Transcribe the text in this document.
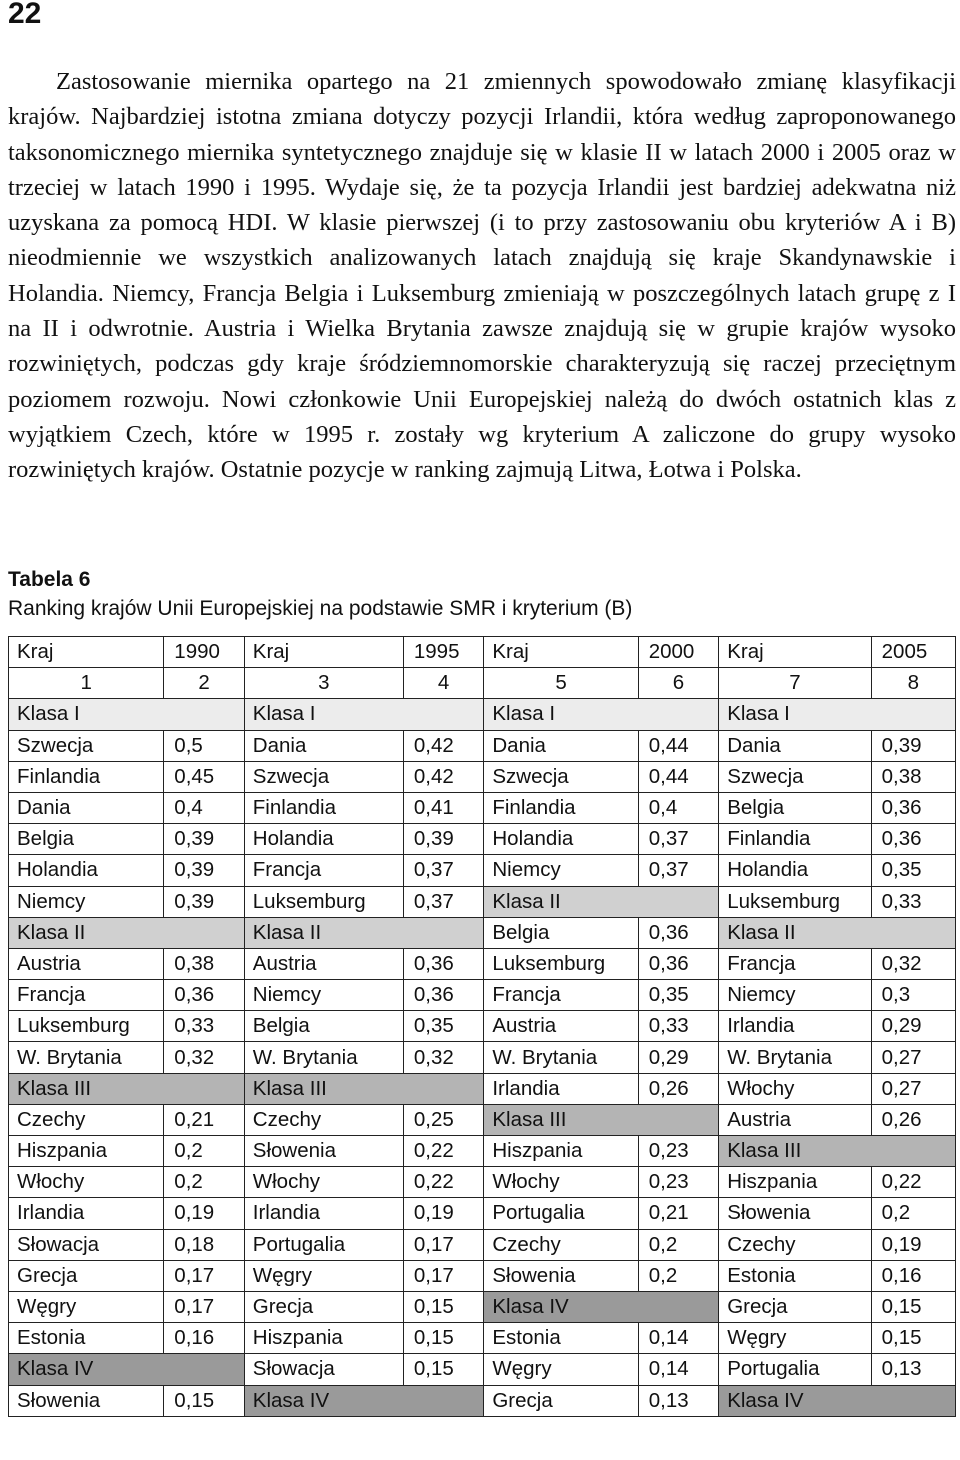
22

Zastosowanie miernika opartego na 21 zmiennych spowodowało zmianę klasyfikacji krajów. Najbardziej istotna zmiana dotyczy pozycji Irlandii, która według zaproponowanego taksonomicznego miernika syntetycznego znajduje się w klasie II w latach 2000 i 2005 oraz w trzeciej w latach 1990 i 1995. Wydaje się, że ta pozycja Irlandii jest bardziej adekwatna niż uzyskana za pomocą HDI. W klasie pierwszej (i to przy zastosowaniu obu kryteriów A i B) nieodmiennie we wszystkich analizowanych latach znajdują się kraje Skandynawskie i Holandia. Niemcy, Francja Belgia i Luksemburg zmieniają w poszczególnych latach grupę z I na II i odwrotnie. Austria i Wielka Brytania zawsze znajdują się w grupie krajów wysoko rozwiniętych, podczas gdy kraje śródziemnomorskie charakteryzują się raczej przeciętnym poziomem rozwoju. Nowi członkowie Unii Europejskiej należą do dwóch ostatnich klas z wyjątkiem Czech, które w 1995 r. zostały wg kryterium A zaliczone do grupy wysoko rozwiniętych krajów. Ostatnie pozycje w ranking zajmują Litwa, Łotwa i Polska.

Tabela 6
Ranking krajów Unii Europejskiej na podstawie SMR i kryterium (B)
Kraj	1990	Kraj	1995	Kraj	2000	Kraj	2005
1	2	3	4	5	6	7	8
Klasa I		Klasa I		Klasa I		Klasa I	
Szwecja	0,5	Dania	0,42	Dania	0,44	Dania	0,39
Finlandia	0,45	Szwecja	0,42	Szwecja	0,44	Szwecja	0,38
Dania	0,4	Finlandia	0,41	Finlandia	0,4	Belgia	0,36
Belgia	0,39	Holandia	0,39	Holandia	0,37	Finlandia	0,36
Holandia	0,39	Francja	0,37	Niemcy	0,37	Holandia	0,35
Niemcy	0,39	Luksemburg	0,37	Klasa II		Luksemburg	0,33
Klasa II		Klasa II		Belgia	0,36	Klasa II	
Austria	0,38	Austria	0,36	Luksemburg	0,36	Francja	0,32
Francja	0,36	Niemcy	0,36	Francja	0,35	Niemcy	0,3
Luksemburg	0,33	Belgia	0,35	Austria	0,33	Irlandia	0,29
W. Brytania	0,32	W. Brytania	0,32	W. Brytania	0,29	W. Brytania	0,27
Klasa III		Klasa III		Irlandia	0,26	Włochy	0,27
Czechy	0,21	Czechy	0,25	Klasa III		Austria	0,26
Hiszpania	0,2	Słowenia	0,22	Hiszpania	0,23	Klasa III	
Włochy	0,2	Włochy	0,22	Włochy	0,23	Hiszpania	0,22
Irlandia	0,19	Irlandia	0,19	Portugalia	0,21	Słowenia	0,2
Słowacja	0,18	Portugalia	0,17	Czechy	0,2	Czechy	0,19
Grecja	0,17	Węgry	0,17	Słowenia	0,2	Estonia	0,16
Węgry	0,17	Grecja	0,15	Klasa IV		Grecja	0,15
Estonia	0,16	Hiszpania	0,15	Estonia	0,14	Węgry	0,15
Klasa IV		Słowacja	0,15	Węgry	0,14	Portugalia	0,13
Słowenia	0,15	Klasa IV		Grecja	0,13	Klasa IV	
